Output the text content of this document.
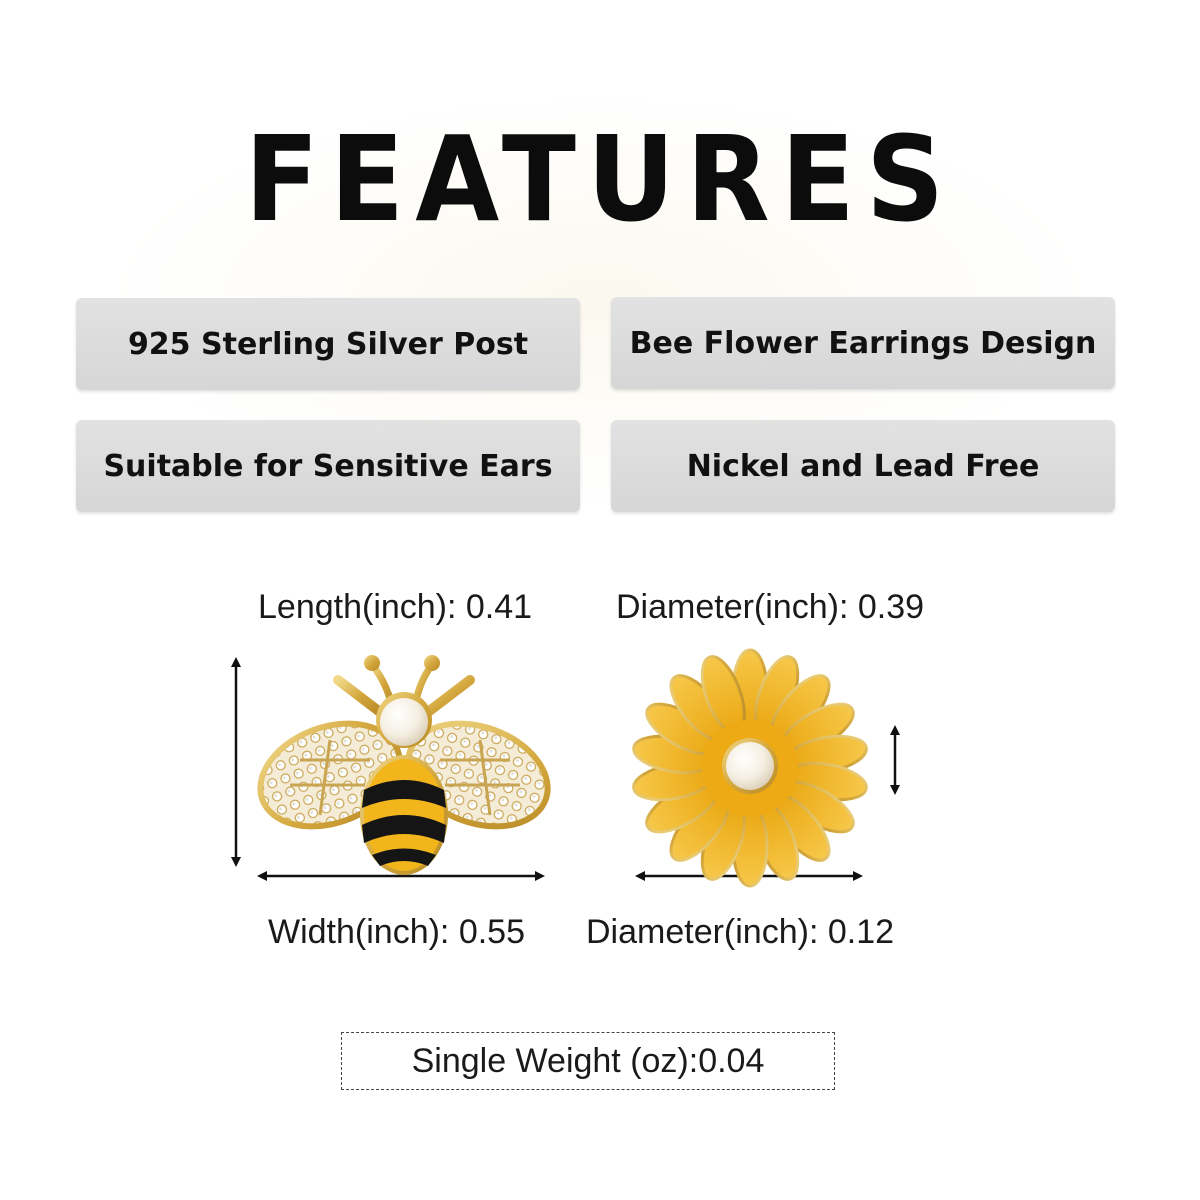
FEATURES
925 Sterling Silver Post	Bee Flower Earrings Design
Suitable for Sensitive Ears	Nickel and Lead Free
Length(inch): 0.41 Diameter(inch): 0.39
Width(inch): 0.55 Diameter(inch): 0.12
Single Weight (oz):0.04
